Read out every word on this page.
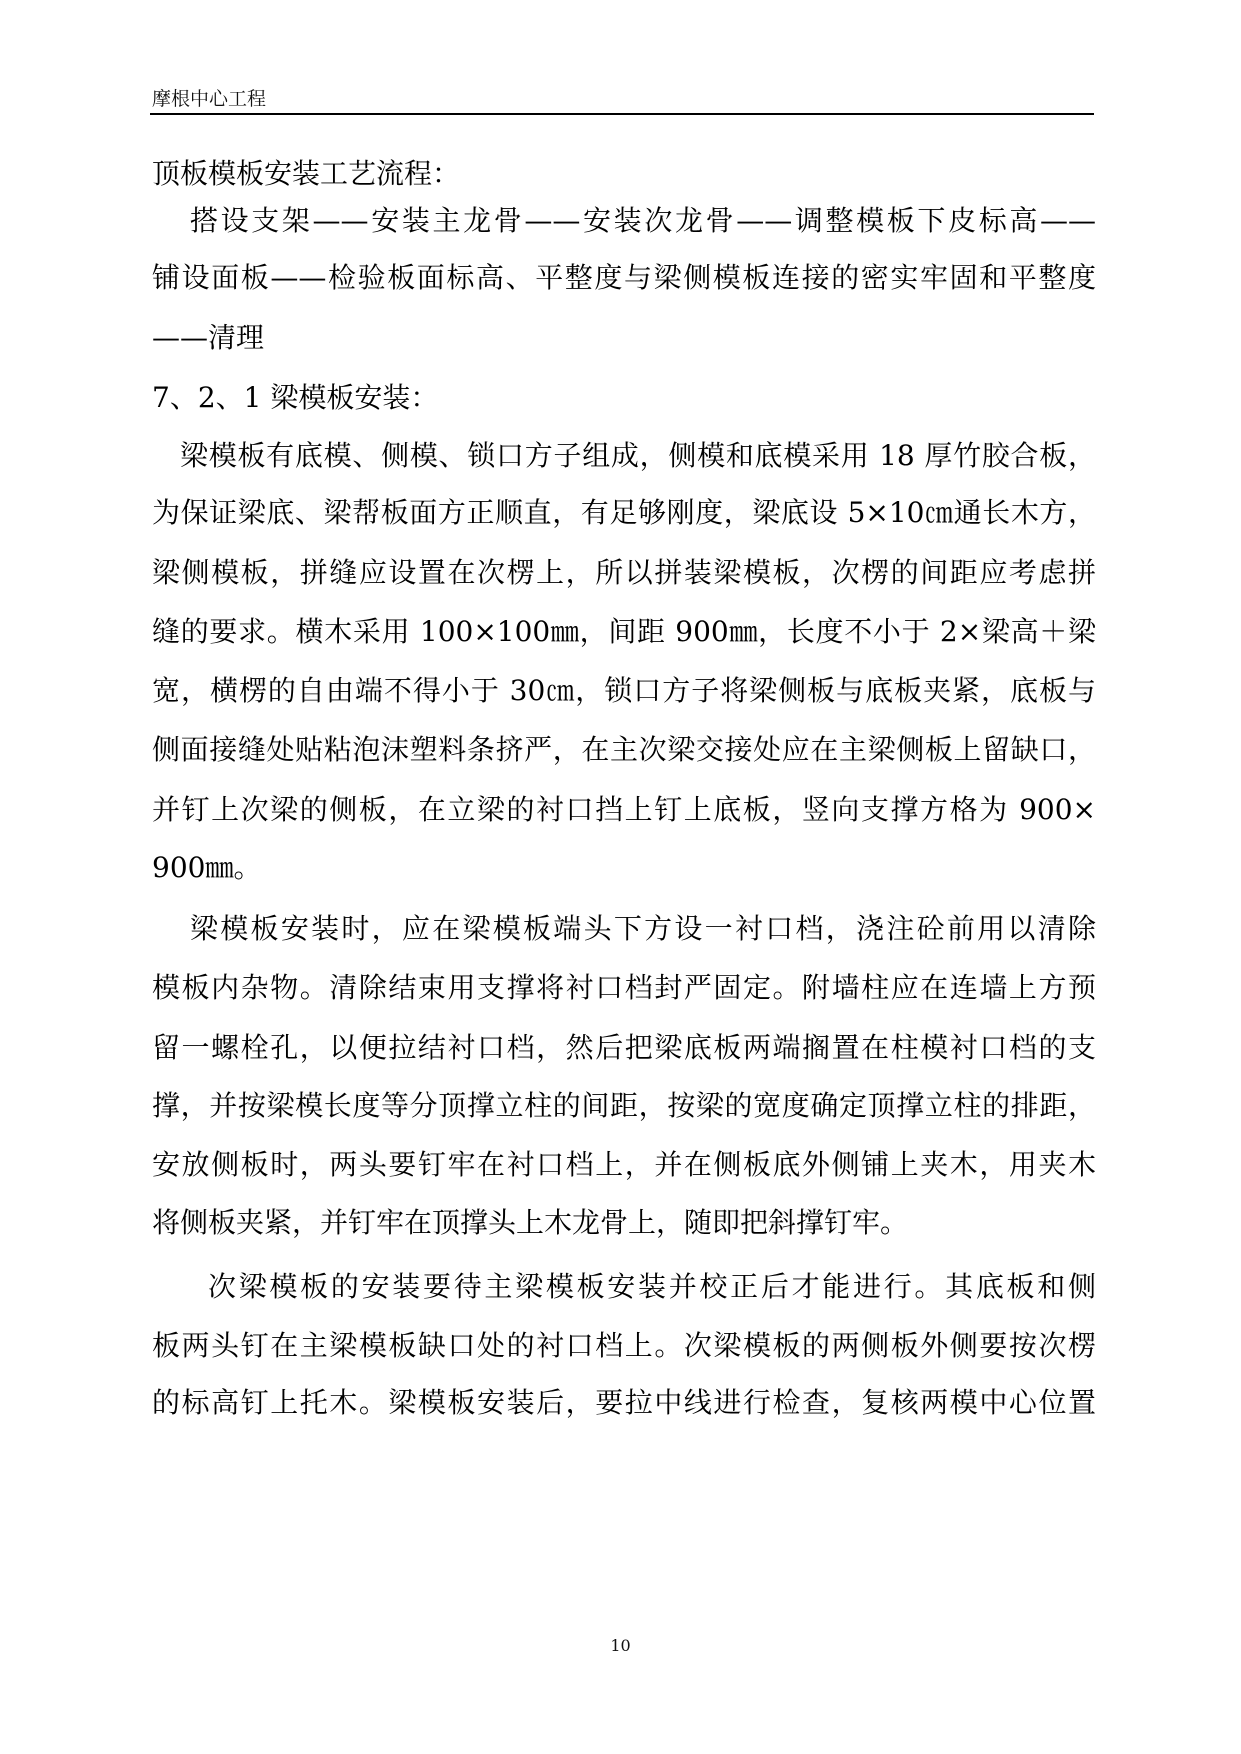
摩根中心工程
顶板模板安装工艺流程：
搭设支架——安装主龙骨——安装次龙骨——调整模板下皮标高——
铺设面板——检验板面标高、平整度与梁侧模板连接的密实牢固和平整度
——清理
7、2、1 梁模板安装：
梁模板有底模、侧模、锁口方子组成，侧模和底模采用 18 厚竹胶合板，
为保证梁底、梁帮板面方正顺直，有足够刚度，梁底设 5×10㎝通长木方，
梁侧模板，拼缝应设置在次楞上，所以拼装梁模板，次楞的间距应考虑拼
缝的要求。横木采用 100×100㎜，间距 900㎜，长度不小于 2×梁高＋梁
宽，横楞的自由端不得小于 30㎝，锁口方子将梁侧板与底板夹紧，底板与
侧面接缝处贴粘泡沫塑料条挤严，在主次梁交接处应在主梁侧板上留缺口，
并钉上次梁的侧板，在立梁的衬口挡上钉上底板，竖向支撑方格为 900×
900㎜。
梁模板安装时，应在梁模板端头下方设一衬口档，浇注砼前用以清除
模板内杂物。清除结束用支撑将衬口档封严固定。附墙柱应在连墙上方预
留一螺栓孔，以便拉结衬口档，然后把梁底板两端搁置在柱模衬口档的支
撑，并按梁模长度等分顶撑立柱的间距，按梁的宽度确定顶撑立柱的排距，
安放侧板时，两头要钉牢在衬口档上，并在侧板底外侧铺上夹木，用夹木
将侧板夹紧，并钉牢在顶撑头上木龙骨上，随即把斜撑钉牢。
次梁模板的安装要待主梁模板安装并校正后才能进行。其底板和侧
板两头钉在主梁模板缺口处的衬口档上。次梁模板的两侧板外侧要按次楞
的标高钉上托木。梁模板安装后，要拉中线进行检查，复核两模中心位置
10
